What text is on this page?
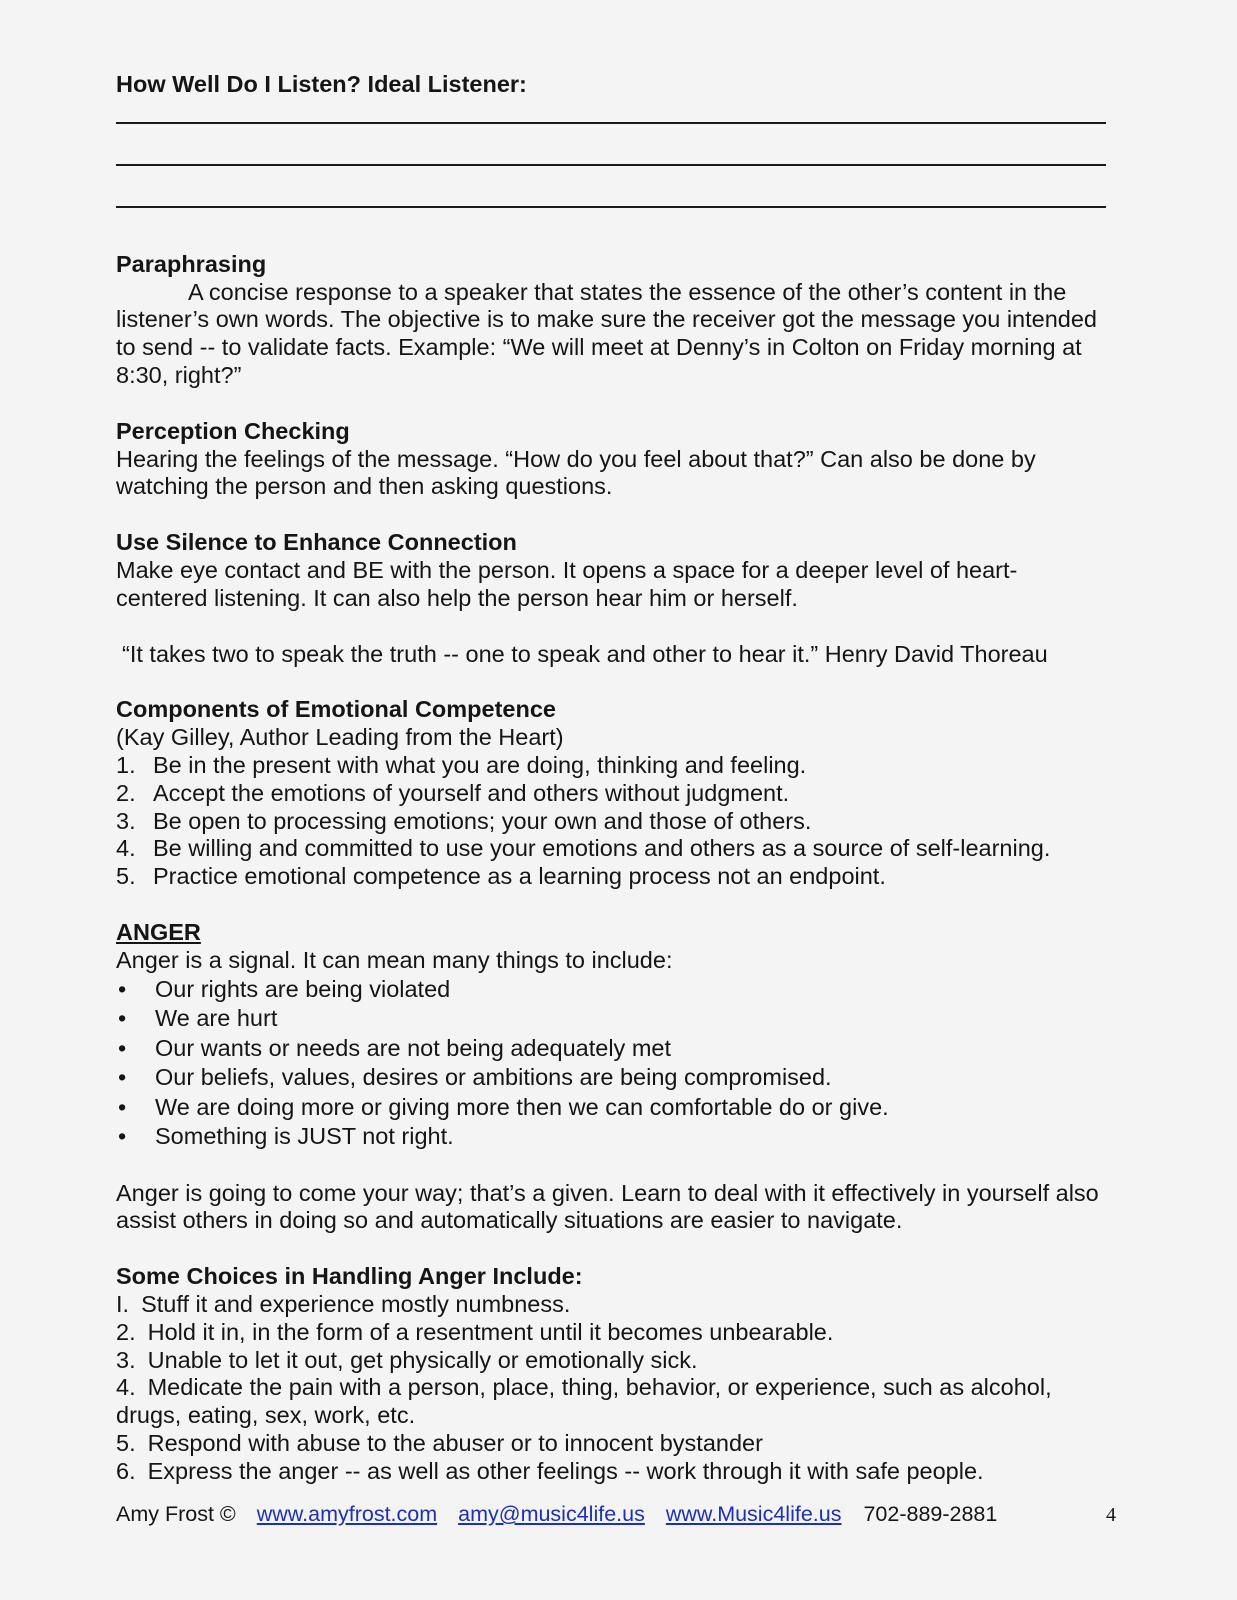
How Well Do I Listen? Ideal Listener:

Paraphrasing

A concise response to a speaker that states the essence of the other’s content in the listener’s own words. The objective is to make sure the receiver got the message you intended to send -- to validate facts. Example: “We will meet at Denny’s in Colton on Friday morning at 8:30, right?”

Perception Checking

Hearing the feelings of the message. “How do you feel about that?” Can also be done by watching the person and then asking questions.

Use Silence to Enhance Connection

Make eye contact and BE with the person. It opens a space for a deeper level of heart-centered listening. It can also help the person hear him or herself.

“It takes two to speak the truth -- one to speak and other to hear it.” Henry David Thoreau

Components of Emotional Competence

(Kay Gilley, Author Leading from the Heart)

1. Be in the present with what you are doing, thinking and feeling.
2. Accept the emotions of yourself and others without judgment.
3. Be open to processing emotions; your own and those of others.
4. Be willing and committed to use your emotions and others as a source of self-learning.
5. Practice emotional competence as a learning process not an endpoint.

ANGER

Anger is a signal. It can mean many things to include:

•	Our rights are being violated
•	We are hurt
•	Our wants or needs are not being adequately met
•	Our beliefs, values, desires or ambitions are being compromised.
•	We are doing more or giving more then we can comfortable do or give.
•	Something is JUST not right.

Anger is going to come your way; that’s a given. Learn to deal with it effectively in yourself also assist others in doing so and automatically situations are easier to navigate.

Some Choices in Handling Anger Include:

I. Stuff it and experience mostly numbness.
2. Hold it in, in the form of a resentment until it becomes unbearable.
3. Unable to let it out, get physically or emotionally sick.
4. Medicate the pain with a person, place, thing, behavior, or experience, such as alcohol, drugs, eating, sex, work, etc.
5. Respond with abuse to the abuser or to innocent bystander
6. Express the anger -- as well as other feelings -- work through it with safe people.
Amy Frost © www.amyfrost.com amy@music4life.us www.Music4life.us 702-889-2881	4
